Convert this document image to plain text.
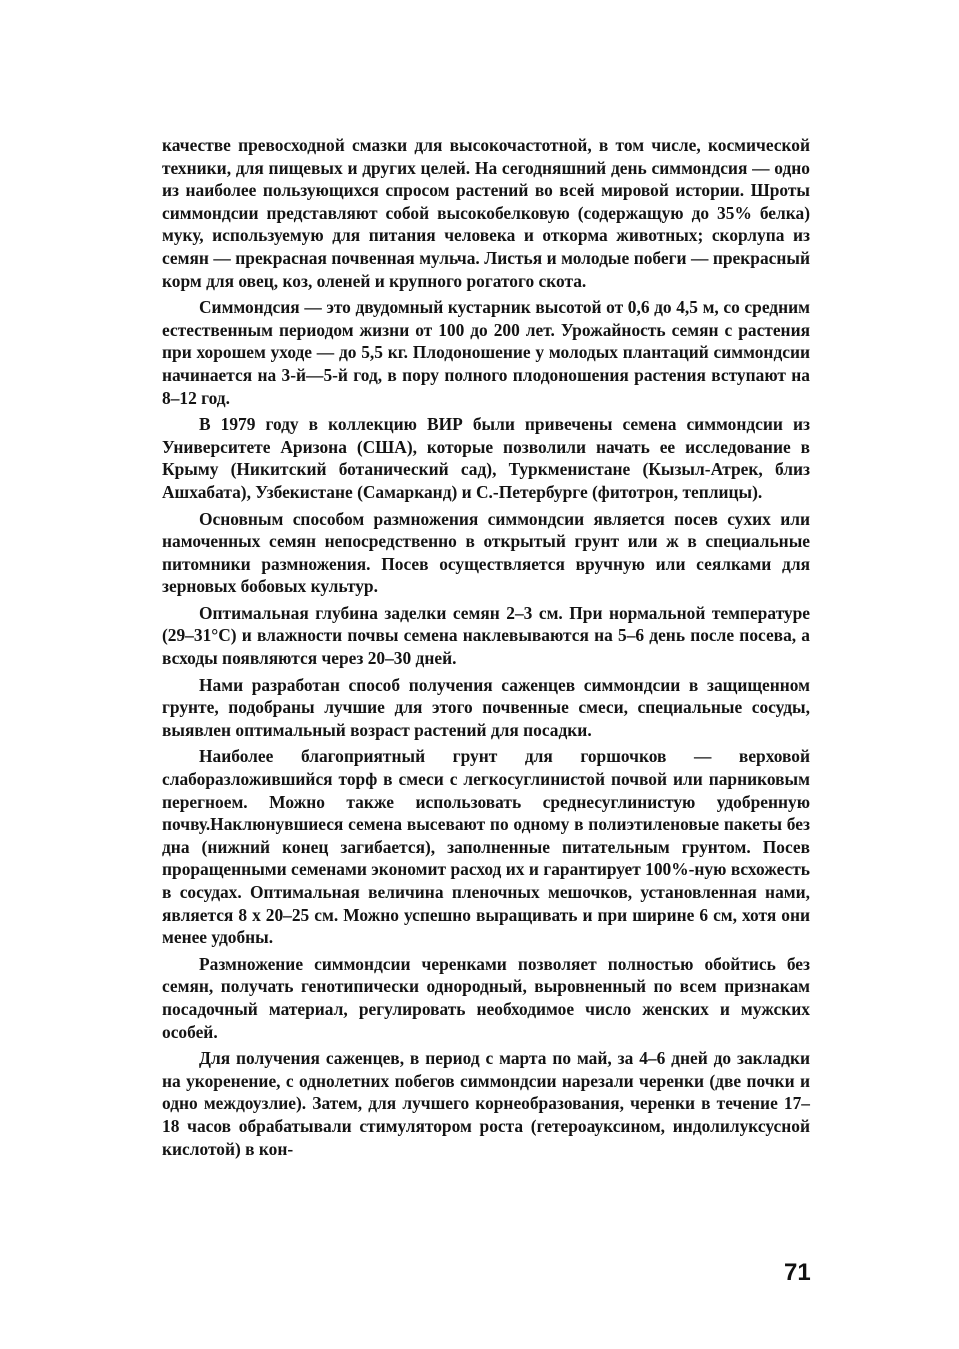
качестве превосходной смазки для высокочастотной, в том числе, космической техники, для пищевых и других целей. На сегодняшний день симмондсия — одно из наиболее пользующихся спросом растений во всей мировой истории. Шроты симмондсии представляют собой высокобелковую (содержащую до 35% белка) муку, используемую для питания человека и откорма животных; скорлупа из семян — прекрасная почвенная мульча. Листья и молодые побеги — прекрасный корм для овец, коз, оленей и крупного рогатого скота.

Симмондсия — это двудомный кустарник высотой от 0,6 до 4,5 м, со средним естественным периодом жизни от 100 до 200 лет. Урожайность семян с растения при хорошем уходе — до 5,5 кг. Плодоношение у молодых плантаций симмондсии начинается на 3-й—5-й год, в пору полного плодоношения растения вступают на 8–12 год.

В 1979 году в коллекцию ВИР были привечены семена симмондсии из Университете Аризона (США), которые позволили начать ее исследование в Крыму (Никитский ботанический сад), Туркменистане (Кызыл-Атрек, близ Ашхабата), Узбекистане (Самарканд) и С.-Петербурге (фитотрон, теплицы).

Основным способом размножения симмондсии является посев сухих или намоченных семян непосредственно в открытый грунт или ж в специальные питомники размножения. Посев осуществляется вручную или сеялками для зерновых бобовых культур.

Оптимальная глубина заделки семян 2–3 см. При нормальной температуре (29–31°С) и влажности почвы семена наклевываются на 5–6 день после посева, а всходы появляются через 20–30 дней.

Нами разработан способ получения саженцев симмондсии в защищенном грунте, подобраны лучшие для этого почвенные смеси, специальные сосуды, выявлен оптимальный возраст растений для посадки.

Наиболее благоприятный грунт для горшочков — верховой слаборазложившийся торф в смеси с легкосуглинистой почвой или парниковым перегноем. Можно также использовать среднесуглинистую удобренную почву.Наклюнувшиеся семена высевают по одному в полиэтиленовые пакеты без дна (нижний конец загибается), заполненные питательным грунтом. Посев проращенными семенами экономит расход их и гарантирует 100%-ную всхожесть в сосудах. Оптимальная величина пленочных мешочков, установленная нами, является 8 х 20–25 см. Можно успешно выращивать и при ширине 6 см, хотя они менее удобны.

Размножение симмондсии черенками позволяет полностью обойтись без семян, получать генотипически однородный, выровненный по всем признакам посадочный материал, регулировать необходимое число женских и мужских особей.

Для получения саженцев, в период с марта по май, за 4–6 дней до закладки на укоренение, с однолетних побегов симмондсии нарезали черенки (две почки и одно междоузлие). Затем, для лучшего корнеобразования, черенки в течение 17–18 часов обрабатывали стимулятором роста (гетероауксином, индолилуксусной кислотой) в кон-

71
